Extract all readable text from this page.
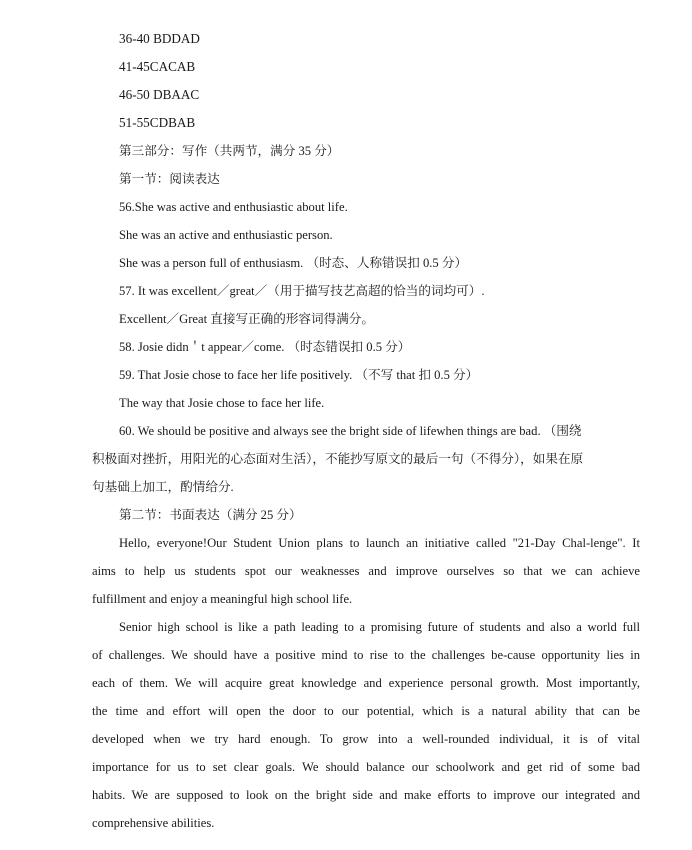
36-40 BDDAD
41-45CACAB
46-50 DBAAC
51-55CDBAB
第三部分：写作（共两节，满分 35 分）
第一节：阅读表达
56.She was active and enthusiastic about life.
She was an active and enthusiastic person.
She was a person full of enthusiasm. （时态、人称错误扣 0.5 分）
57. It was excellent／great／（用于描写技艺高超的恰当的词均可）.
Excellent／Great 直接写正确的形容词得满分。
58. Josie didn＇t appear／come. （时态错误扣 0.5 分）
59. That Josie chose to face her life positively. （不写 that 扣 0.5 分）
The way that Josie chose to face her life.
60. We should be positive and always see the bright side of lifewhen things are bad. （围绕
积极面对挫折，用阳光的心态面对生活），不能抄写原文的最后一句（不得分），如果在原
句基础上加工，酌情给分.
第二节：书面表达（满分 25 分）
Hello, everyone!Our Student Union plans to launch an initiative called "21-Day Chal-lenge". It
aims to help us students spot our weaknesses and improve ourselves so that we can achieve
fulfillment and enjoy a meaningful high school life.
Senior high school is like a path leading to a promising future of students and also a world full
of challenges. We should have a positive mind to rise to the challenges be-cause opportunity lies in
each of them. We will acquire great knowledge and experience personal growth. Most importantly,
the time and effort will open the door to our potential, which is a natural ability that can be
developed when we try hard enough. To grow into a well-rounded individual, it is of vital
importance for us to set clear goals. We should balance our schoolwork and get rid of some bad
habits. We are supposed to look on the bright side and make efforts to improve our integrated and
comprehensive abilities.
